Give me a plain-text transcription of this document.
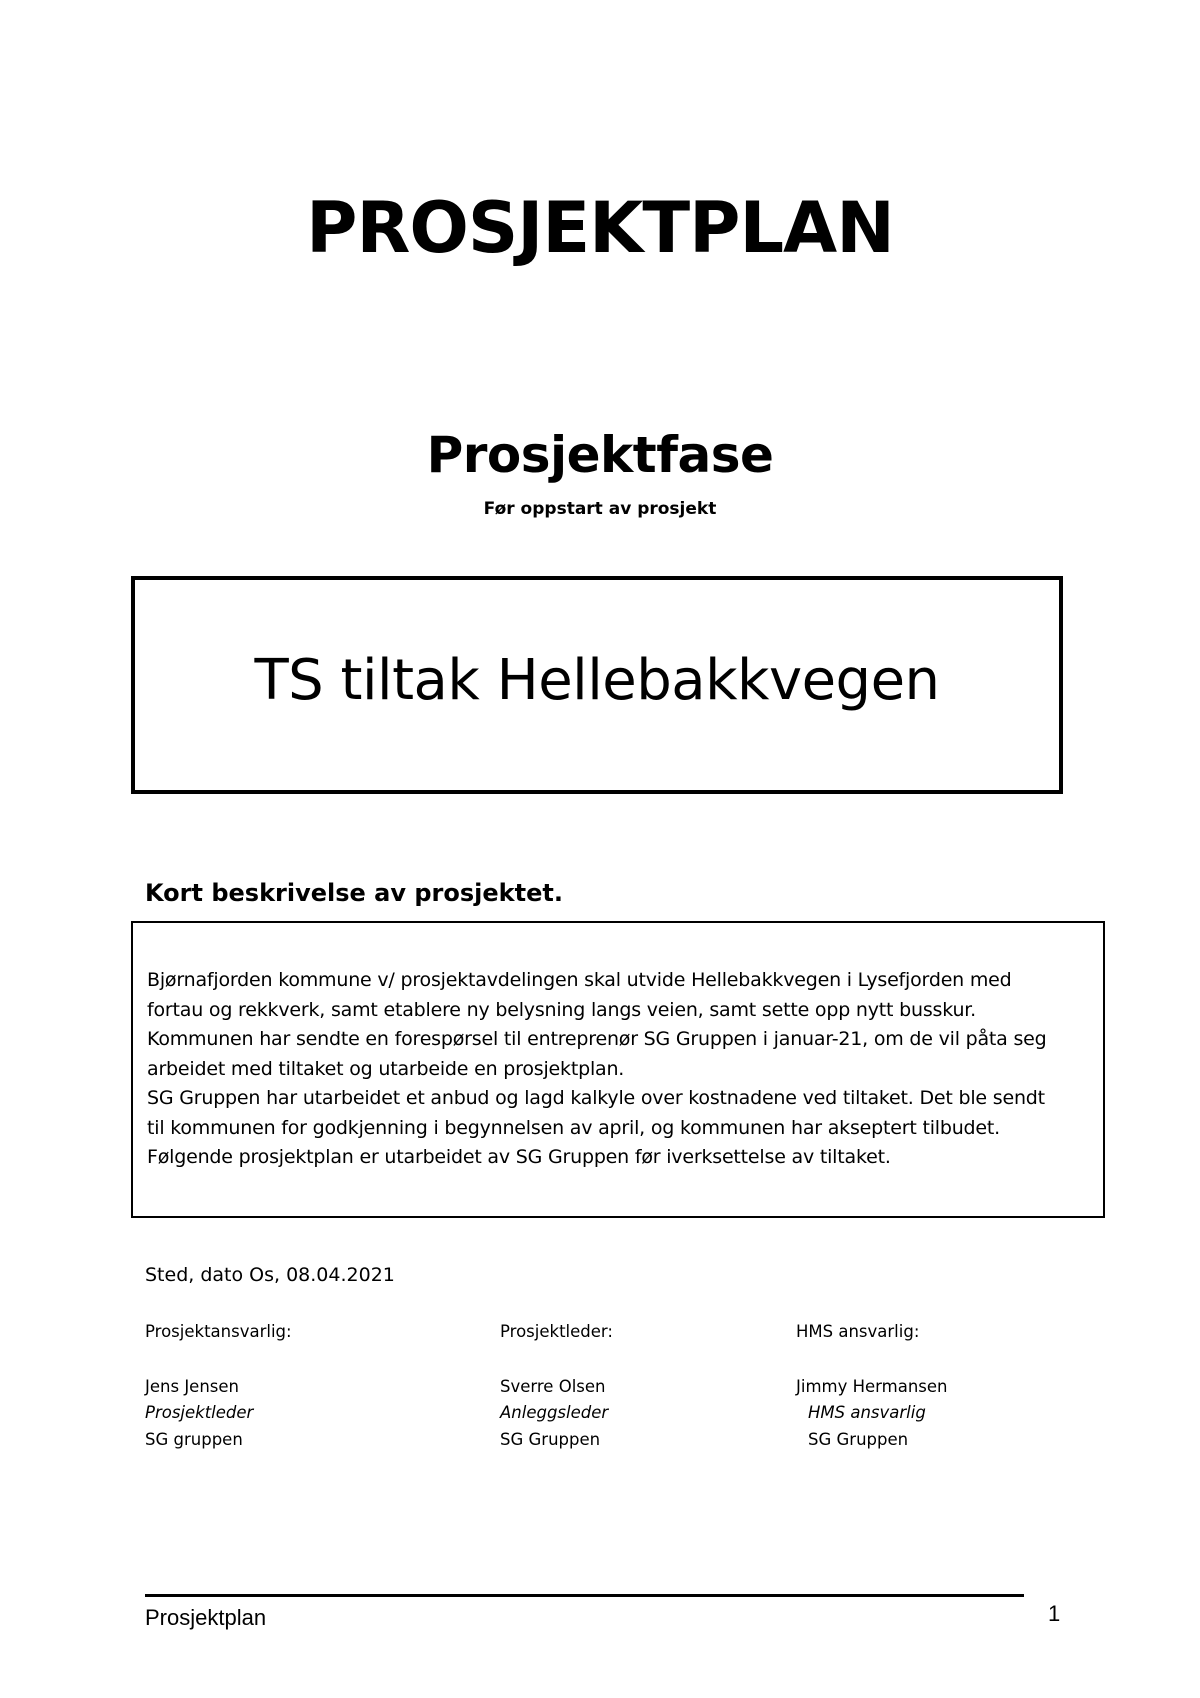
PROSJEKTPLAN
Prosjektfase
Før oppstart av prosjekt
TS tiltak Hellebakkvegen
Kort beskrivelse av prosjektet.
Bjørnafjorden kommune v/ prosjektavdelingen skal utvide Hellebakkvegen i Lysefjorden med
fortau og rekkverk, samt etablere ny belysning langs veien, samt sette opp nytt busskur.
Kommunen har sendte en forespørsel til entreprenør SG Gruppen i januar-21, om de vil påta seg
arbeidet med tiltaket og utarbeide en prosjektplan.
SG Gruppen har utarbeidet et anbud og lagd kalkyle over kostnadene ved tiltaket. Det ble sendt
til kommunen for godkjenning i begynnelsen av april, og kommunen har akseptert tilbudet.
Følgende prosjektplan er utarbeidet av SG Gruppen før iverksettelse av tiltaket.
Sted, dato Os, 08.04.2021
Prosjektansvarlig:
Jens Jensen
Prosjektleder
SG gruppen
Prosjektleder:
Sverre Olsen
Anleggsleder
SG Gruppen
HMS ansvarlig:
Jimmy Hermansen
HMS ansvarlig
SG Gruppen
Prosjektplan	1
